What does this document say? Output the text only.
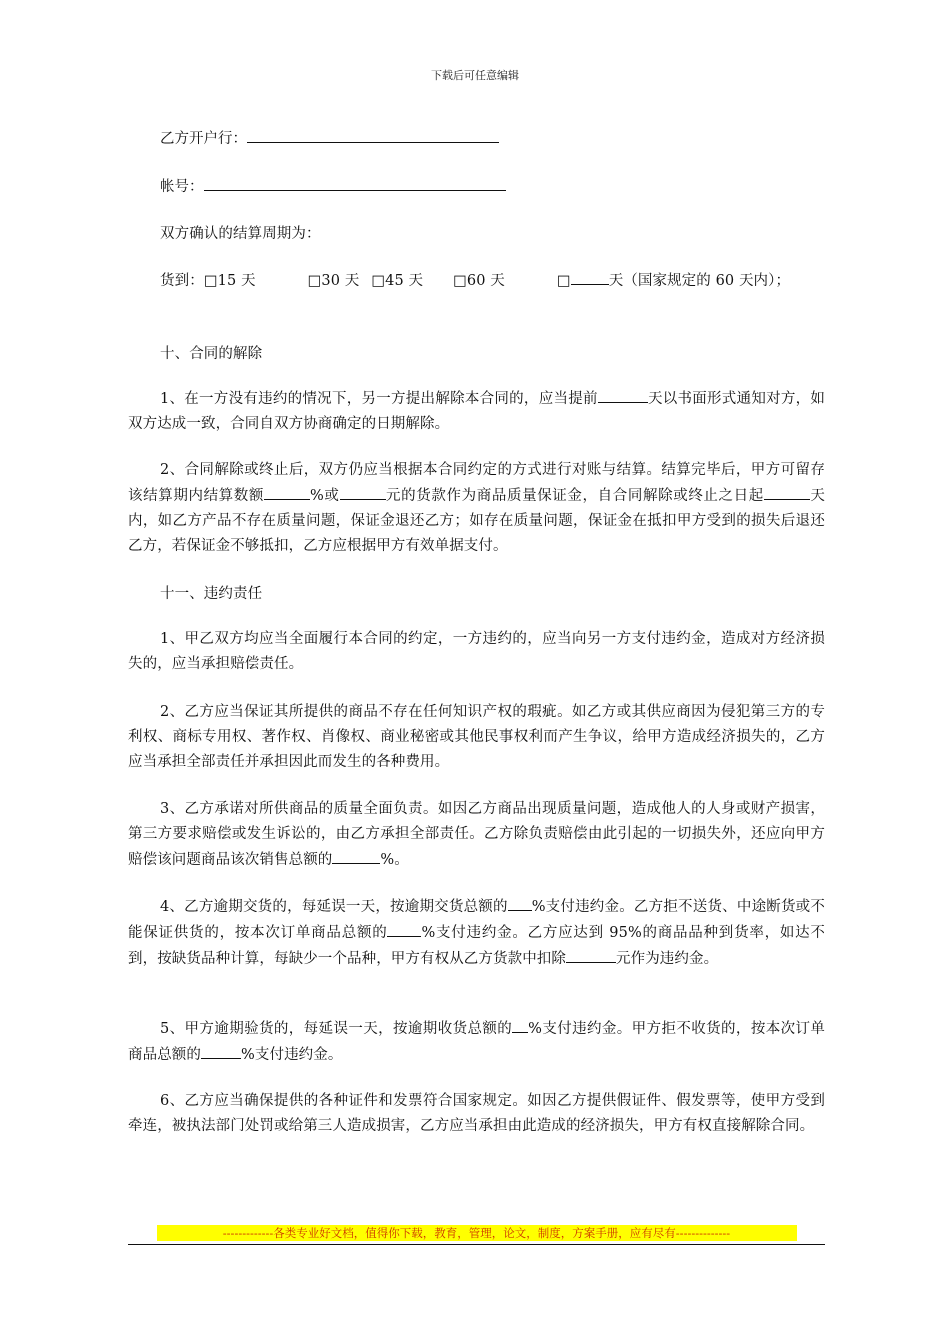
下载后可任意编辑
乙方开户行：
帐号：

双方确认的结算周期为：

货到：□15 天	□30 天 □45 天 □60 天	□	天（国家规定的 60 天内）；

十、合同的解除

1、在一方没有违约的情况下，另一方提出解除本合同的，应当提前	天以书面形式通知对方，如双方达成一致，合同自双方协商确定的日期解除。

2、合同解除或终止后，双方仍应当根据本合同约定的方式进行对账与结算。结算完毕后，甲方可留存该结算期内结算数额	%或	元的货款作为商品质量保证金，自合同解除或终止之日起	天内，如乙方产品不存在质量问题，保证金退还乙方；如存在质量问题，保证金在抵扣甲方受到的损失后退还乙方，若保证金不够抵扣，乙方应根据甲方有效单据支付。

十一、违约责任

1、甲乙双方均应当全面履行本合同的约定，一方违约的，应当向另一方支付违约金，造成对方经济损失的，应当承担赔偿责任。

2、乙方应当保证其所提供的商品不存在任何知识产权的瑕疵。如乙方或其供应商因为侵犯第三方的专利权、商标专用权、著作权、肖像权、商业秘密或其他民事权利而产生争议，给甲方造成经济损失的，乙方应当承担全部责任并承担因此而发生的各种费用。

3、乙方承诺对所供商品的质量全面负责。如因乙方商品出现质量问题，造成他人的人身或财产损害，第三方要求赔偿或发生诉讼的，由乙方承担全部责任。乙方除负责赔偿由此引起的一切损失外，还应向甲方赔偿该问题商品该次销售总额的	%。

4、乙方逾期交货的，每延误一天，按逾期交货总额的 %支付违约金。乙方拒不送货、中途断货或不能保证供货的，按本次订单商品总额的 %支付违约金。乙方应达到 95%的商品品种到货率，如达不到，按缺货品种计算，每缺少一个品种，甲方有权从乙方货款中扣除	元作为违约金。

5、甲方逾期验货的，每延误一天，按逾期收货总额的 %支付违约金。甲方拒不收货的，按本次订单商品总额的	%支付违约金。

6、乙方应当确保提供的各种证件和发票符合国家规定。如因乙方提供假证件、假发票等，使甲方受到牵连，被执法部门处罚或给第三人造成损害，乙方应当承担由此造成的经济损失，甲方有权直接解除合同。

-------------各类专业好文档，值得你下载，教育，管理，论文，制度，方案手册，应有尽有--------------
